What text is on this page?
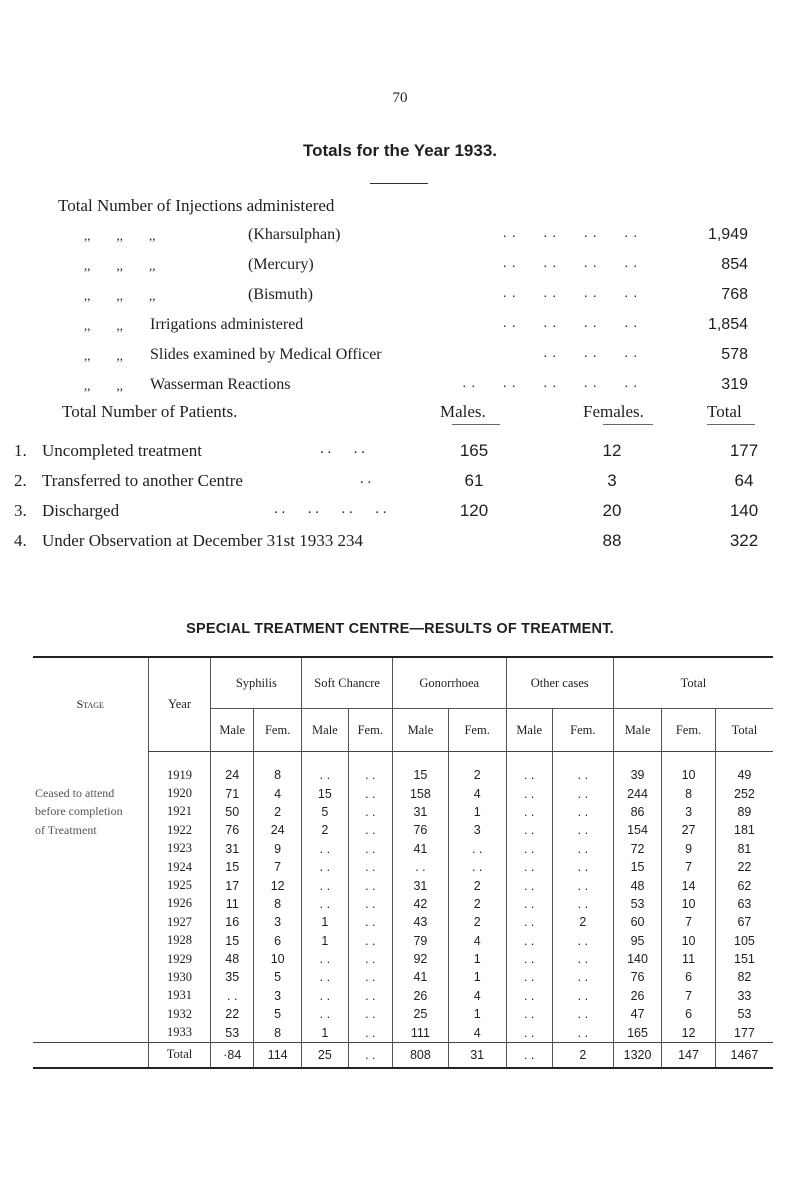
70
Totals for the Year 1933.
Total Number of Injections administered
,,        ,,        ,,	(Kharsulphan)	. .      . .      . .      . .	1,949
,,        ,,        ,,	(Mercury)	. .      . .      . .      . .	854
,,        ,,        ,,	(Bismuth)	. .      . .      . .      . .	768
,,        ,, Irrigations administered	. .      . .      . .      . .	1,854
,,        ,, Slides examined by Medical Officer	. .      . .      . .	578
,,        ,, Wasserman Reactions	. .      . .      . .      . .      . .	319
Total Number of Patients.	Males.	Females.	Total
1. Uncompleted treatment	. .      . .	165	12	177
2. Transferred to another Centre	. .	61	3	64
3. Discharged	. .      . .      . .      . .	120	20	140
4. Under Observation at December 31st 1933 234	88	322
SPECIAL TREATMENT CENTRE—RESULTS OF TREATMENT.
Stage	Year	Syphilis		Soft Chancre		Gonorrhoea		Other cases		Total		
		Male	Fem.	Male	Fem.	Male	Fem.	Male	Fem.	Male	Fem.	Total

Ceased to attend
before completion
of Treatment	1919	24	8	. .	. .	15	2	. .	. .	39	10	49
	1920	71	4	15	. .	158	4	. .	. .	244	8	252
	1921	50	2	5	. .	31	1	. .	. .	86	3	89
	1922	76	24	2	. .	76	3	. .	. .	154	27	181
	1923	31	9	. .	. .	41	. .	. .	. .	72	9	81
	1924	15	7	. .	. .	. .	. .	. .	. .	15	7	22
	1925	17	12	. .	. .	31	2	. .	. .	48	14	62
	1926	11	8	. .	. .	42	2	. .	. .	53	10	63
	1927	16	3	1	. .	43	2	. .	2	60	7	67
	1928	15	6	1	. .	79	4	. .	. .	95	10	105
	1929	48	10	. .	. .	92	1	. .	. .	140	11	151
	1930	35	5	. .	. .	41	1	. .	. .	76	6	82
	1931	. .	3	. .	. .	26	4	. .	. .	26	7	33
	1932	22	5	. .	. .	25	1	. .	. .	47	6	53
	1933	53	8	1	. .	111	4	. .	. .	165	12	177
	Total	·84	114	25	. .	808	31	. .	2	1320	147	1467
